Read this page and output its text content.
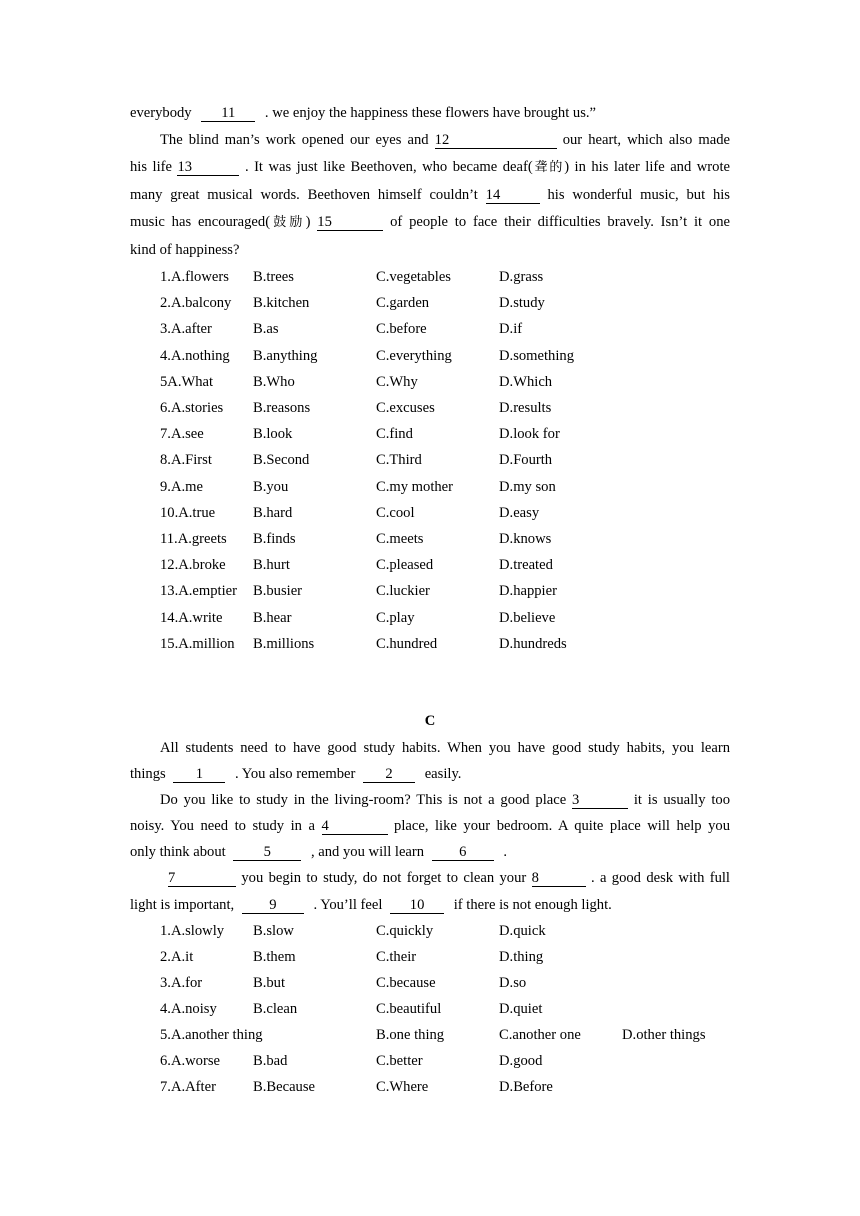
everybody 11 . we enjoy the happiness these flowers have brought us.”
The blind man’s work opened our eyes and 12	our heart, which also made
his life 13	. It was just like Beethoven, who became deaf(聋的) in his later life and wrote
many great musical words. Beethoven himself couldn’t 14	his wonderful music, but his
music has encouraged(鼓励) 15	of people to face their difficulties bravely. Isn’t it one
kind of happiness?
1.A.flowers B.trees	C.vegetables	D.grass
2.A.balcony B.kitchen	C.garden	D.study
3.A.after	B.as	C.before	D.if
4.A.nothing B.anything	C.everything	D.something
5A.What	B.Who	C.Why	D.Which
6.A.stories B.reasons	C.excuses	D.results
7.A.see	B.look	C.find	D.look for
8.A.First	B.Second	C.Third	D.Fourth
9.A.me	B.you	C.my mother	D.my son
10.A.true	B.hard	C.cool	D.easy
11.A.greets B.finds	C.meets	D.knows
12.A.broke B.hurt	C.pleased	D.treated
13.A.emptier B.busier	C.luckier	D.happier
14.A.write B.hear	C.play	D.believe
15.A.million B.millions	C.hundred	D.hundreds
C
All students need to have good study habits. When you have good study habits, you learn
things 1 . You also remember 2 easily.
Do you like to study in the living-room? This is not a good place 3	it is usually too
noisy. You need to study in a 4	place, like your bedroom. A quite place will help you
only think about	5	, and you will learn 6	.
7	you begin to study, do not forget to clean your 8	. a good desk with full
light is important, 9	. You’ll feel 10 if there is not enough light.
1.A.slowly B.slow	C.quickly	D.quick
2.A.it	B.them	C.their	D.thing
3.A.for	B.but	C.because	D.so
4.A.noisy B.clean	C.beautiful	D.quiet
5.A.another thing	B.one thing	C.another one	D.other things
6.A.worse B.bad	C.better	D.good
7.A.After	B.Because	C.Where	D.Before
